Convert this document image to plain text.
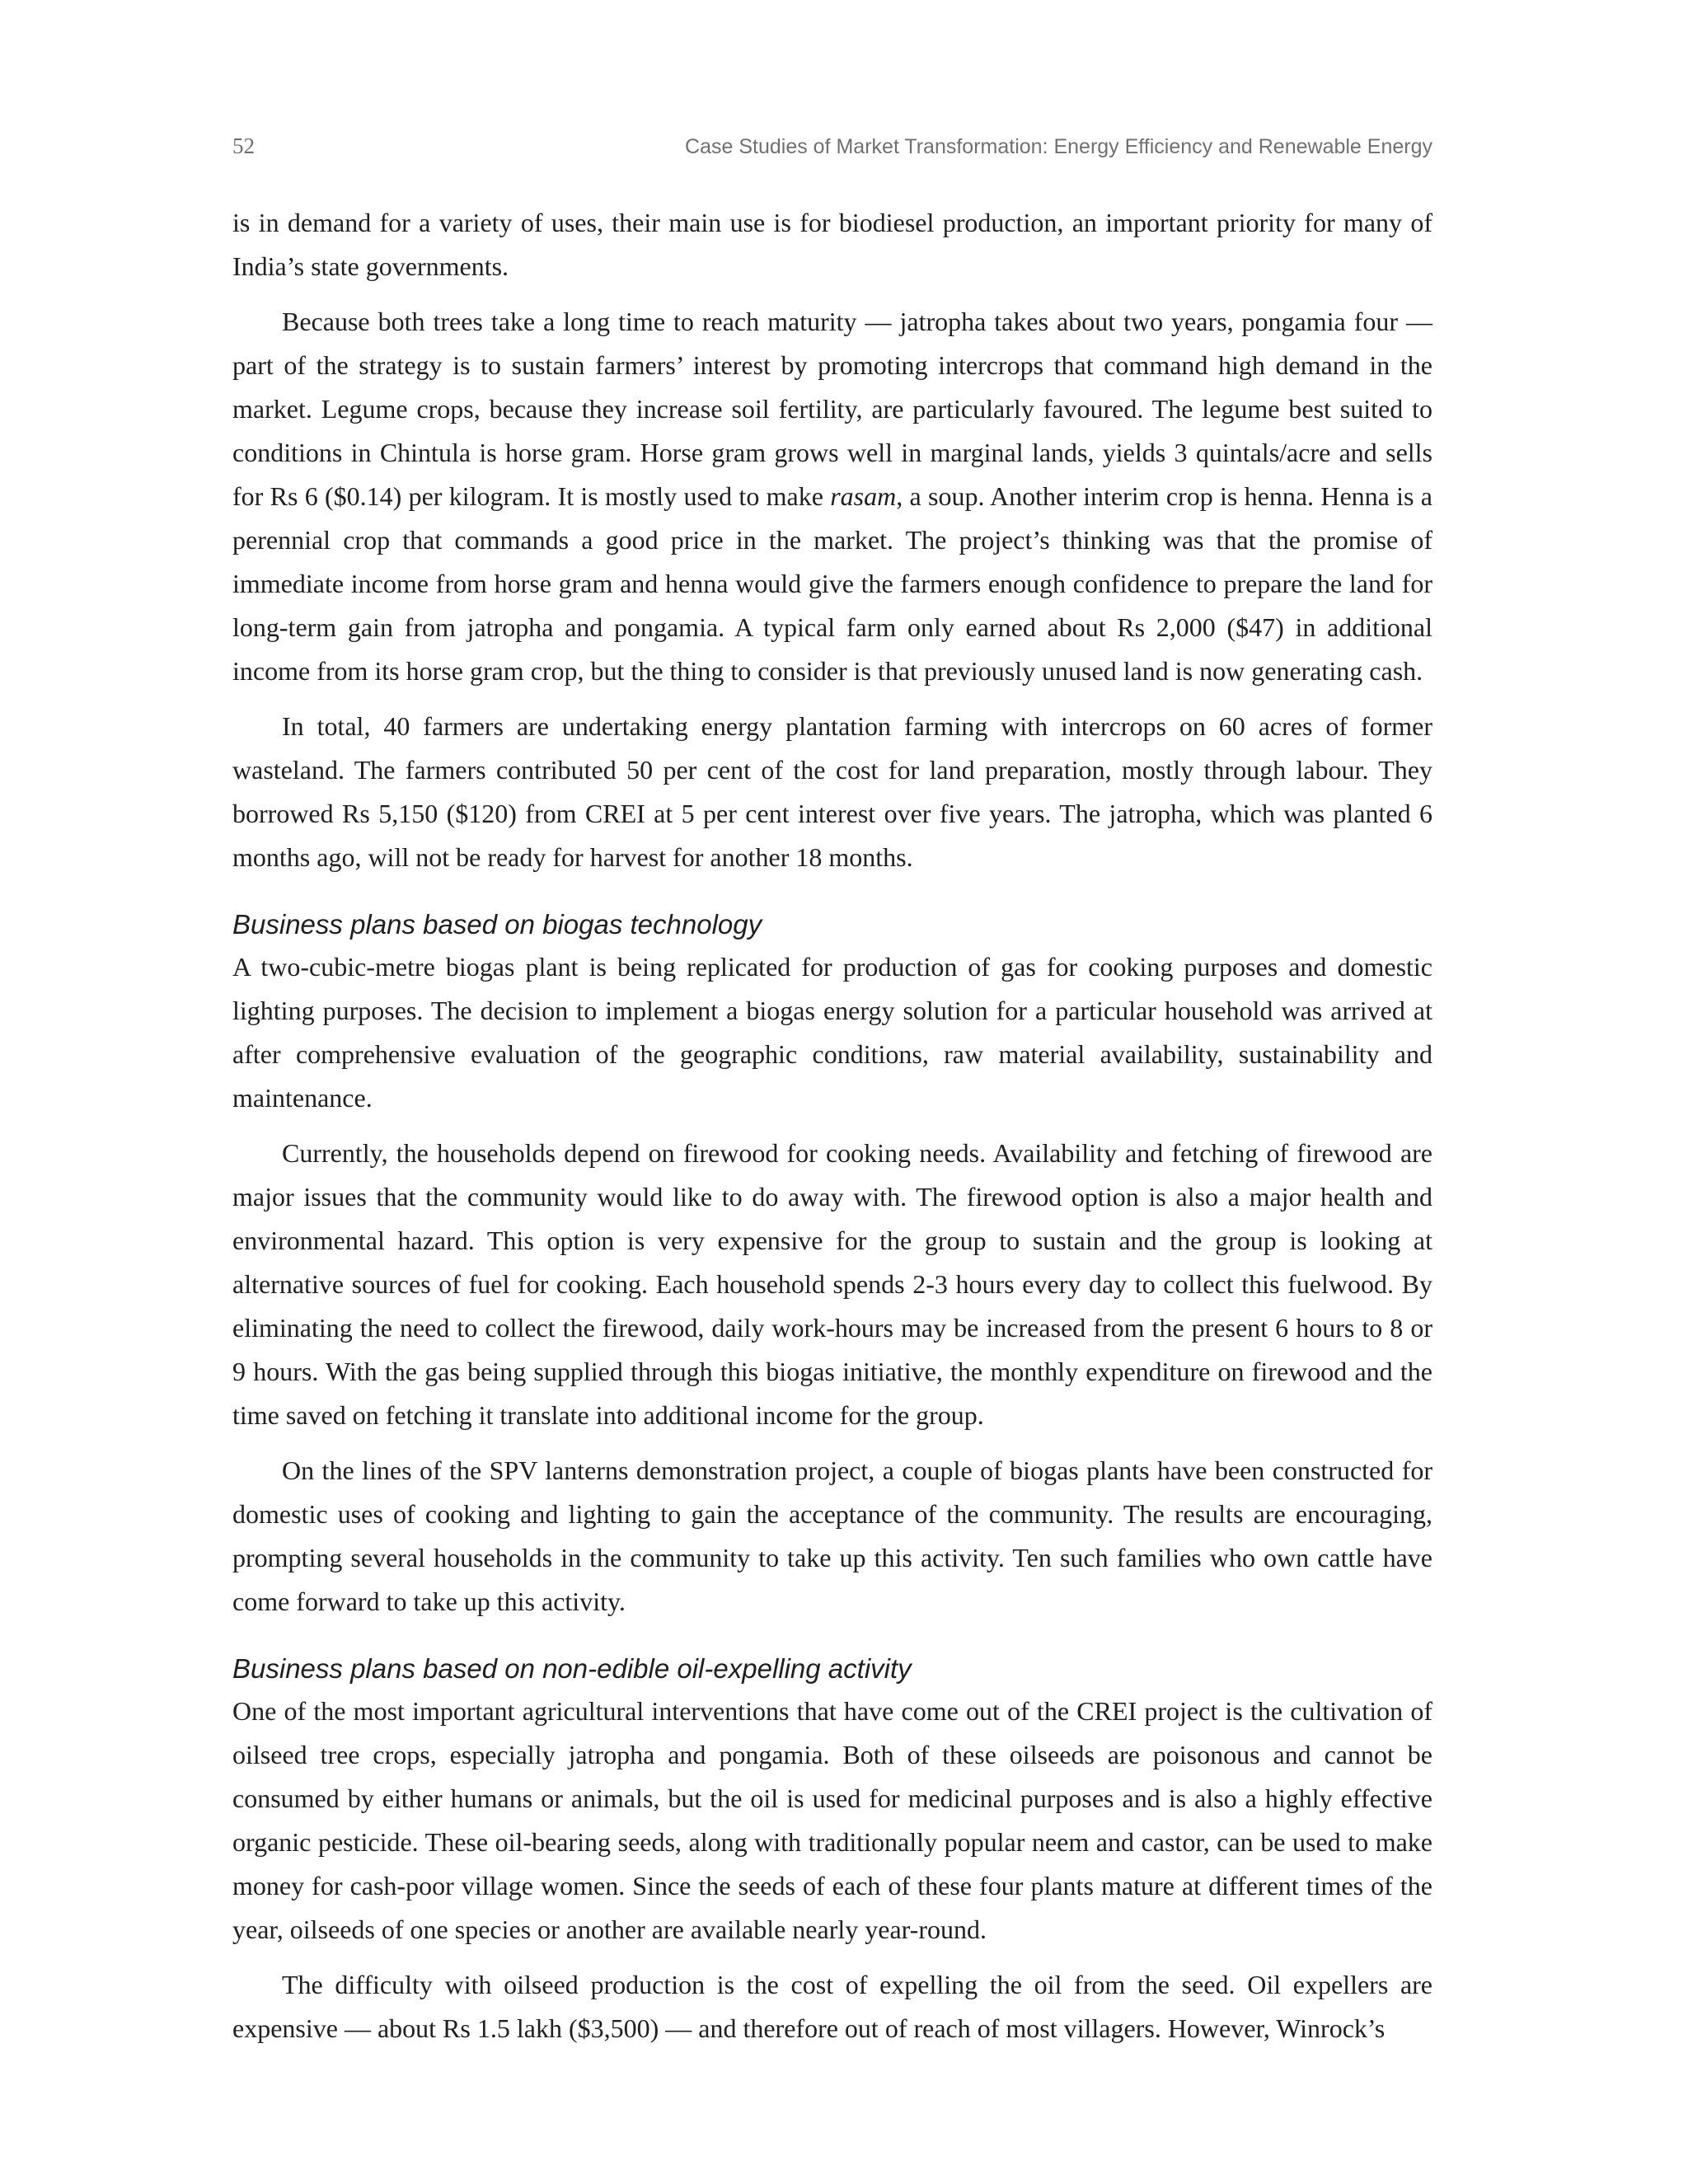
52	Case Studies of Market Transformation: Energy Efficiency and Renewable Energy

is in demand for a variety of uses, their main use is for biodiesel production, an important priority for many of India’s state governments.

Because both trees take a long time to reach maturity — jatropha takes about two years, pongamia four — part of the strategy is to sustain farmers’ interest by promoting intercrops that command high demand in the market. Legume crops, because they increase soil fertility, are particularly favoured. The legume best suited to conditions in Chintula is horse gram. Horse gram grows well in marginal lands, yields 3 quintals/acre and sells for Rs 6 ($0.14) per kilogram. It is mostly used to make rasam, a soup. Another interim crop is henna. Henna is a perennial crop that commands a good price in the market. The project’s thinking was that the promise of immediate income from horse gram and henna would give the farmers enough confidence to prepare the land for long-term gain from jatropha and pongamia. A typical farm only earned about Rs 2,000 ($47) in additional income from its horse gram crop, but the thing to consider is that previously unused land is now generating cash.

In total, 40 farmers are undertaking energy plantation farming with intercrops on 60 acres of former wasteland. The farmers contributed 50 per cent of the cost for land preparation, mostly through labour. They borrowed Rs 5,150 ($120) from CREI at 5 per cent interest over five years. The jatropha, which was planted 6 months ago, will not be ready for harvest for another 18 months.

Business plans based on biogas technology

A two-cubic-metre biogas plant is being replicated for production of gas for cooking purposes and domestic lighting purposes. The decision to implement a biogas energy solution for a particular household was arrived at after comprehensive evaluation of the geographic conditions, raw material availability, sustainability and maintenance.

Currently, the households depend on firewood for cooking needs. Availability and fetching of firewood are major issues that the community would like to do away with. The firewood option is also a major health and environmental hazard. This option is very expensive for the group to sustain and the group is looking at alternative sources of fuel for cooking. Each household spends 2-3 hours every day to collect this fuelwood. By eliminating the need to collect the firewood, daily work-hours may be increased from the present 6 hours to 8 or 9 hours. With the gas being supplied through this biogas initiative, the monthly expenditure on firewood and the time saved on fetching it translate into additional income for the group.

On the lines of the SPV lanterns demonstration project, a couple of biogas plants have been constructed for domestic uses of cooking and lighting to gain the acceptance of the community. The results are encouraging, prompting several households in the community to take up this activity. Ten such families who own cattle have come forward to take up this activity.

Business plans based on non-edible oil-expelling activity

One of the most important agricultural interventions that have come out of the CREI project is the cultivation of oilseed tree crops, especially jatropha and pongamia. Both of these oilseeds are poisonous and cannot be consumed by either humans or animals, but the oil is used for medicinal purposes and is also a highly effective organic pesticide. These oil-bearing seeds, along with traditionally popular neem and castor, can be used to make money for cash-poor village women. Since the seeds of each of these four plants mature at different times of the year, oilseeds of one species or another are available nearly year-round.

The difficulty with oilseed production is the cost of expelling the oil from the seed. Oil expellers are expensive — about Rs 1.5 lakh ($3,500) — and therefore out of reach of most villagers. However, Winrock’s
